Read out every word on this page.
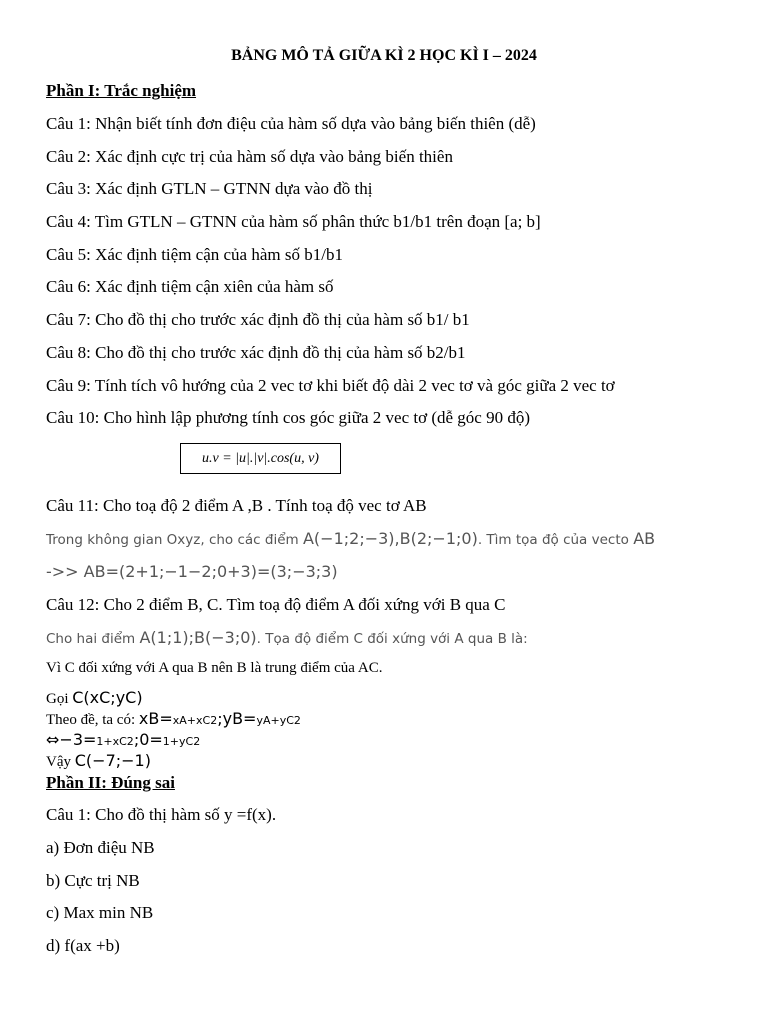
BẢNG MÔ TẢ GIỮA KÌ 2 HỌC KÌ I – 2024
Phần I: Trắc nghiệm
Câu 1: Nhận biết tính đơn điệu của hàm số dựa vào bảng biến thiên (dễ)
Câu 2: Xác định cực trị của hàm số dựa vào bảng biến thiên
Câu 3: Xác định GTLN – GTNN dựa vào đồ thị
Câu 4: Tìm GTLN – GTNN của hàm số phân thức b1/b1 trên đoạn [a; b]
Câu 5: Xác định tiệm cận của hàm số b1/b1
Câu 6: Xác định tiệm cận xiên của hàm số
Câu 7: Cho đồ thị cho trước xác định đồ thị của hàm số b1/ b1
Câu 8: Cho đồ thị cho trước xác định đồ thị của hàm số b2/b1
Câu 9: Tính tích vô hướng của 2 vec tơ khi biết độ dài 2 vec tơ và góc giữa 2 vec tơ
Câu 10: Cho hình lập phương tính cos góc giữa 2 vec tơ (dễ góc 90 độ)
u.v = |u|.|v|.cos(u, v)
Câu 11: Cho toạ độ 2 điểm A ,B . Tính toạ độ vec tơ AB
Trong không gian Oxyz, cho các điểm A(−1;2;−3),B(2;−1;0). Tìm tọa độ của vecto AB
->> AB=(2+1;−1−2;0+3)=(3;−3;3)
Câu 12: Cho 2 điểm B, C. Tìm toạ độ điểm A đối xứng với B qua C
Cho hai điểm A(1;1);B(−3;0). Tọa độ điểm C đối xứng với A qua B là:
Vì C đối xứng với A qua B nên B là trung điểm của AC.
Gọi C(xC;yC)
Theo đề, ta có: xB=xA+xC2;yB=yA+yC2
⇔−3=1+xC2;0=1+yC2
Vậy C(−7;−1)
Phần II: Đúng sai
Câu 1: Cho đồ thị hàm số y =f(x).
a) Đơn điệu NB
b) Cực trị NB
c) Max min NB
d) f(ax +b)
